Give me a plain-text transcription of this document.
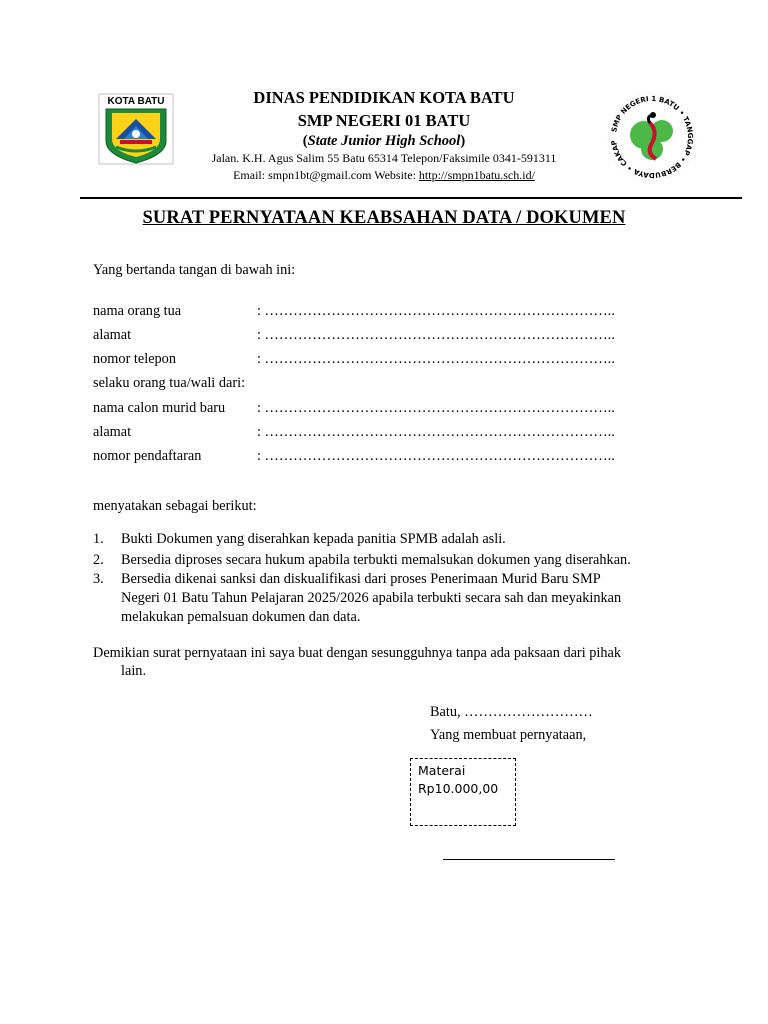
KOTA BATU
SMP NEGERI 1 BATU • TANGGAP • BERBUDAYA • CAKAP
DINAS PENDIDIKAN KOTA BATU
SMP NEGERI 01 BATU
(State Junior High School)
Jalan. K.H. Agus Salim 55 Batu 65314 Telepon/Faksimile 0341-591311
Email: smpn1bt@gmail.com Website: http://smpn1batu.sch.id/
SURAT PERNYATAAN KEABSAHAN DATA / DOKUMEN
Yang bertanda tangan di bawah ini:
nama orang tua	: ………………………………………………………………..
alamat	: ………………………………………………………………..
nomor telepon	: ………………………………………………………………..
selaku orang tua/wali dari:
nama calon murid baru : ………………………………………………………………..
alamat	: ………………………………………………………………..
nomor pendaftaran	: ………………………………………………………………..
menyatakan sebagai berikut:
1. Bukti Dokumen yang diserahkan kepada panitia SPMB adalah asli.
2. Bersedia diproses secara hukum apabila terbukti memalsukan dokumen yang diserahkan.
3. Bersedia dikenai sanksi dan diskualifikasi dari proses Penerimaan Murid Baru SMP
Negeri 01 Batu Tahun Pelajaran 2025/2026 apabila terbukti secara sah dan meyakinkan
melakukan pemalsuan dokumen dan data.
Demikian surat pernyataan ini saya buat dengan sesungguhnya tanpa ada paksaan dari pihak
lain.
Batu, ………………………
Yang membuat pernyataan,
Materai
Rp10.000,00
